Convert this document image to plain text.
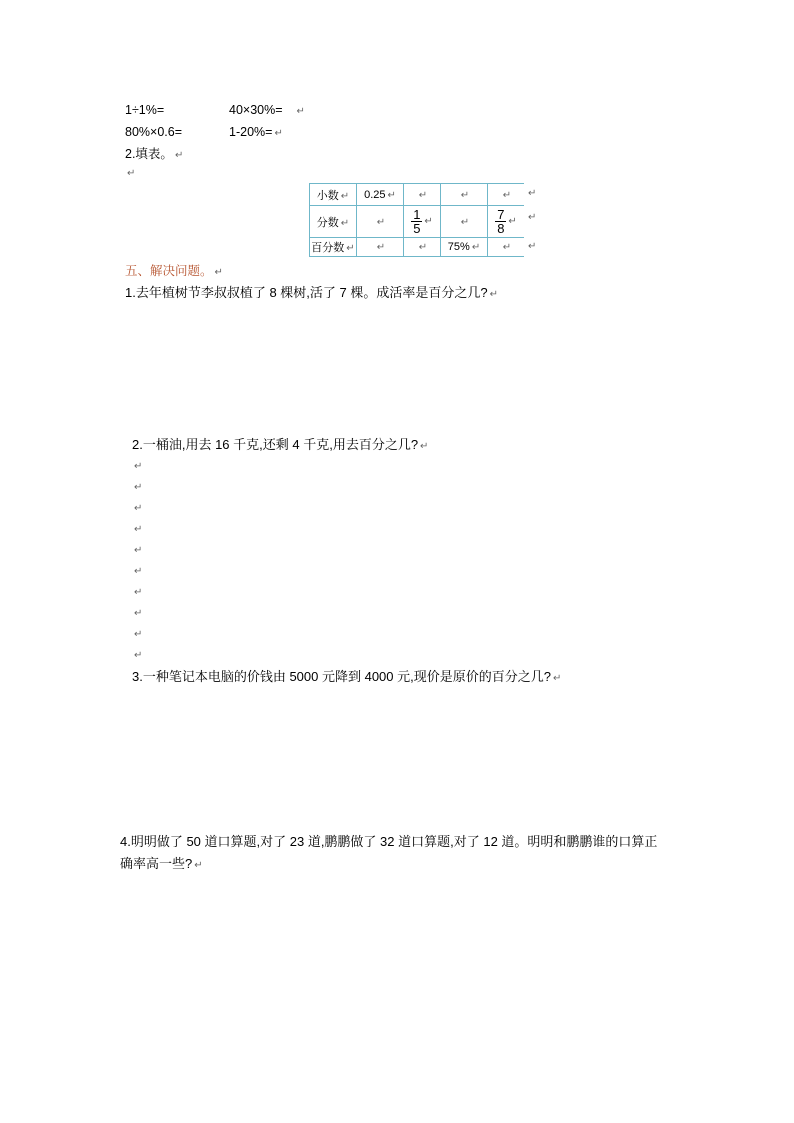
1÷1%=	40×30%= ↵
80%×0.6=	1-20%= ↵
2.填表。 ↵
↵
小数 ↵	0.25 ↵	↵	↵	↵
分数 ↵	↵	$\frac{1}{5}$ ↵	↵	$\frac{7}{8}$ ↵
百分数 ↵	↵	↵	75% ↵	↵
↵
↵
↵
五、解决问题。 ↵
1.去年植树节李叔叔植了 8 棵树,活了 7 棵。成活率是百分之几? ↵
2.一桶油,用去 16 千克,还剩 4 千克,用去百分之几? ↵
↵
↵
↵
↵
↵
↵
↵
↵
↵
↵
3.一种笔记本电脑的价钱由 5000 元降到 4000 元,现价是原价的百分之几? ↵
4.明明做了 50 道口算题,对了 23 道,鹏鹏做了 32 道口算题,对了 12 道。明明和鹏鹏谁的口算正
确率高一些? ↵
